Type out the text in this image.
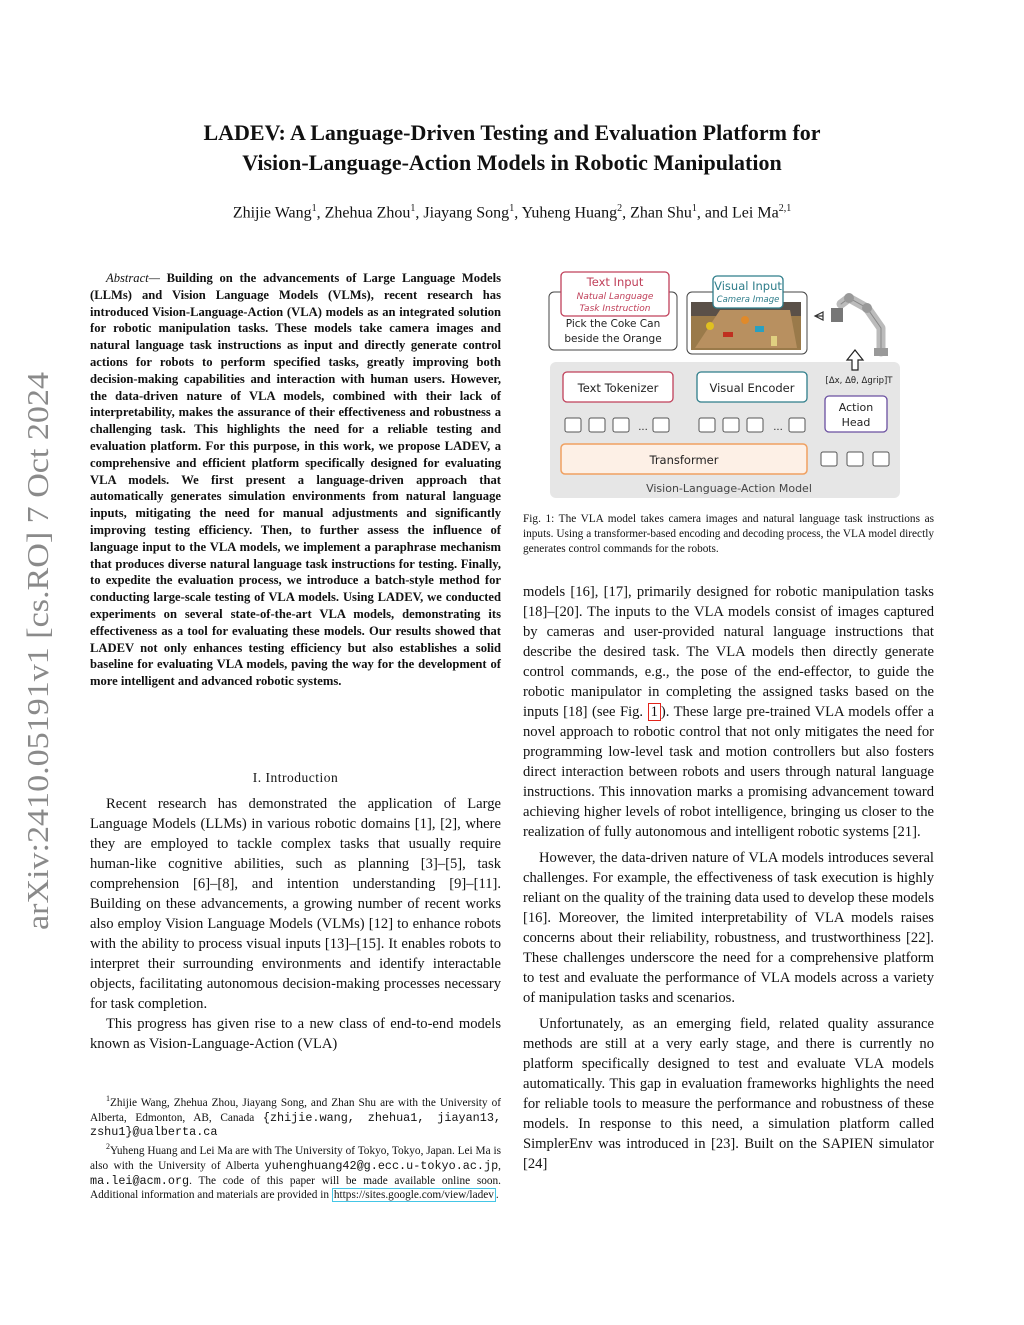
arXiv:2410.05191v1 [cs.RO] 7 Oct 2024
LADEV: A Language-Driven Testing and Evaluation Platform for
Vision-Language-Action Models in Robotic Manipulation
Zhijie Wang$^1$, Zhehua Zhou$^1$, Jiayang Song$^1$, Yuheng Huang$^2$, Zhan Shu$^1$, and Lei Ma$^{2,1}$
Abstract— Building on the advancements of Large Language Models (LLMs) and Vision Language Models (VLMs), recent research has introduced Vision-Language-Action (VLA) models as an integrated solution for robotic manipulation tasks. These models take camera images and natural language task instructions as input and directly generate control actions for robots to perform specified tasks, greatly improving both decision-making capabilities and interaction with human users. However, the data-driven nature of VLA models, combined with their lack of interpretability, makes the assurance of their effectiveness and robustness a challenging task. This highlights the need for a reliable testing and evaluation platform. For this purpose, in this work, we propose LADEV, a comprehensive and efficient platform specifically designed for evaluating VLA models. We first present a language-driven approach that automatically generates simulation environments from natural language inputs, mitigating the need for manual adjustments and significantly improving testing efficiency. Then, to further assess the influence of language input to the VLA models, we implement a paraphrase mechanism that produces diverse natural language task instructions for testing. Finally, to expedite the evaluation process, we introduce a batch-style method for conducting large-scale testing of VLA models. Using LADEV, we conducted experiments on several state-of-the-art VLA models, demonstrating its effectiveness as a tool for evaluating these models. Our results showed that LADEV not only enhances testing efficiency but also establishes a solid baseline for evaluating VLA models, paving the way for the development of more intelligent and advanced robotic systems.
I. Introduction

Recent research has demonstrated the application of Large Language Models (LLMs) in various robotic domains [1], [2], where they are employed to tackle complex tasks that usually require human-like cognitive abilities, such as planning [3]–[5], task comprehension [6]–[8], and intention understanding [9]–[11]. Building on these advancements, a growing number of recent works also employ Vision Language Models (VLMs) [12] to enhance robots with the ability to process visual inputs [13]–[15]. It enables robots to interpret their surrounding environments and identify interactable objects, facilitating autonomous decision-making processes necessary for task completion.

This progress has given rise to a new class of end-to-end models known as Vision-Language-Action (VLA)

$^1$Zhijie Wang, Zhehua Zhou, Jiayang Song, and Zhan Shu are with the University of Alberta, Edmonton, AB, Canada {zhijie.wang, zhehua1, jiayan13, zshu1}@ualberta.ca

$^2$Yuheng Huang and Lei Ma are with The University of Tokyo, Tokyo, Japan. Lei Ma is also with the University of Alberta yuhenghuang42@g.ecc.u-tokyo.ac.jp, ma.lei@acm.org. The code of this paper will be made available online soon. Additional information and materials are provided in https://sites.google.com/view/ladev .

Text Input
Natual Language
Task Instruction
Pick the Coke Can
beside the Orange
Visual Input
Camera Image
[Δx, Δθ, Δgrip]T
Text Tokenizer	Visual Encoder
Action
Head
...	...
Transformer
Vision-Language-Action Model
Fig. 1: The VLA model takes camera images and natural language task instructions as inputs. Using a transformer-based encoding and decoding process, the VLA model directly generates control commands for the robots.

models [16], [17], primarily designed for robotic manipulation tasks [18]–[20]. The inputs to the VLA models consist of images captured by cameras and user-provided natural language instructions that describe the desired task. The VLA models then directly generate control commands, e.g., the pose of the end-effector, to guide the robotic manipulator in completing the assigned tasks based on the inputs [18] (see Fig. 1 ). These large pre-trained VLA models offer a novel approach to robotic control that not only mitigates the need for programming low-level task and motion controllers but also fosters direct interaction between robots and users through natural language instructions. This innovation marks a promising advancement toward achieving higher levels of robot intelligence, bringing us closer to the realization of fully autonomous and intelligent robotic systems [21].

However, the data-driven nature of VLA models introduces several challenges. For example, the effectiveness of task execution is highly reliant on the quality of the training data used to develop these models [16]. Moreover, the limited interpretability of VLA models raises concerns about their reliability, robustness, and trustworthiness [22]. These challenges underscore the need for a comprehensive platform to test and evaluate the performance of VLA models across a variety of manipulation tasks and scenarios.

Unfortunately, as an emerging field, related quality assurance methods are still at a very early stage, and there is currently no platform specifically designed to test and evaluate VLA models automatically. This gap in evaluation frameworks highlights the need for reliable tools to measure the performance and robustness of these models. In response to this need, a simulation platform called SimplerEnv was introduced in [23]. Built on the SAPIEN simulator [24]
